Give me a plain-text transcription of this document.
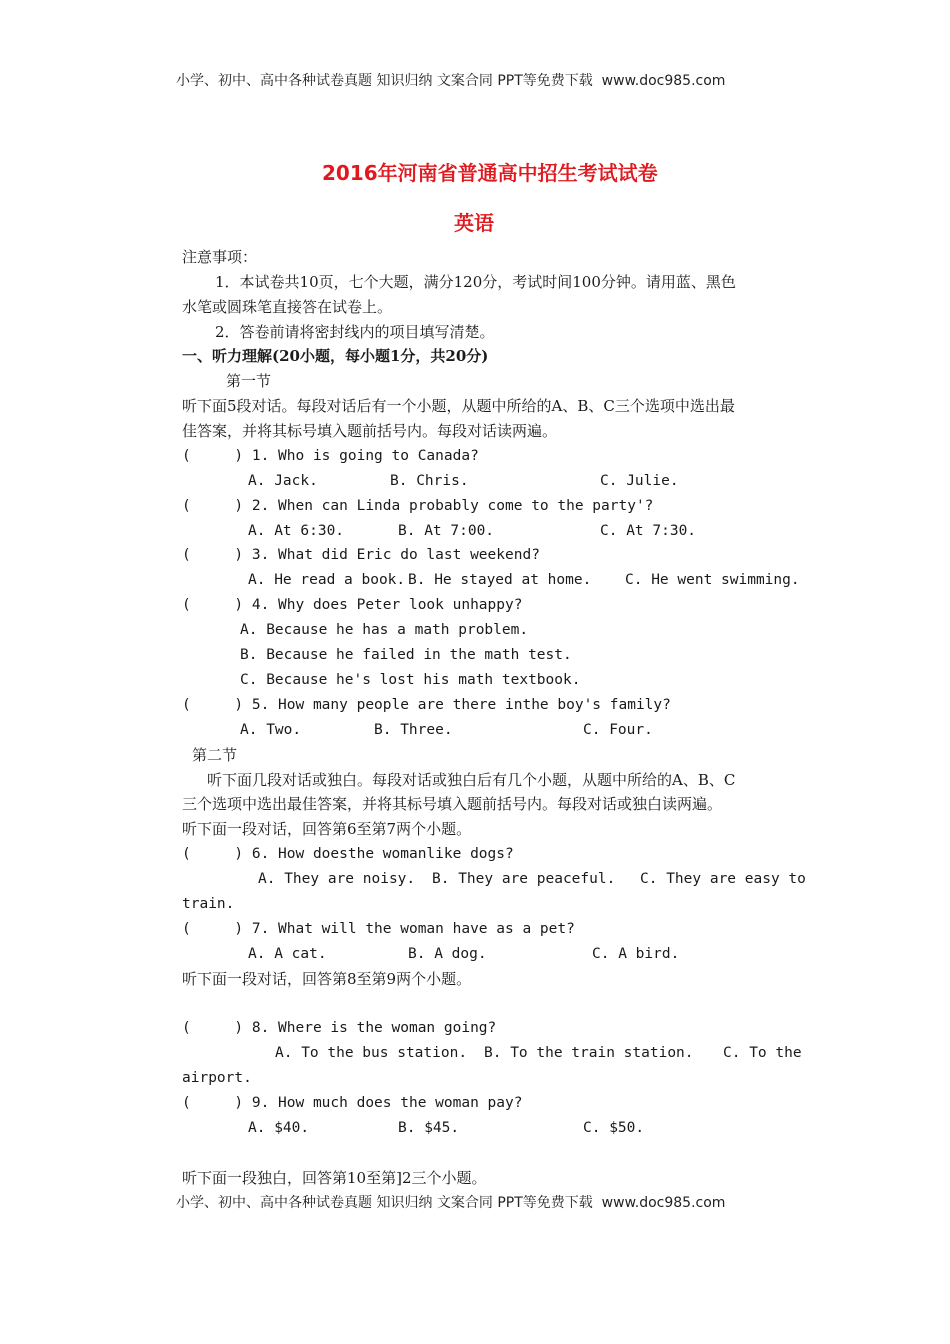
小学、初中、高中各种试卷真题 知识归纳 文案合同 PPT等免费下载  www.doc985.com
2016年河南省普通高中招生考试试卷
英语
注意事项：
1．本试卷共10页，七个大题，满分120分，考试时间100分钟。请用蓝、黑色
水笔或圆珠笔直接答在试卷上。
2．答卷前请将密封线内的项目填写清楚。
一、听力理解(20小题，每小题1分，共20分)
第一节
听下面5段对话。每段对话后有一个小题，从题中所给的A、B、C三个选项中选出最
佳答案，并将其标号填入题前括号内。每段对话读两遍。
(     ) 1. Who is going to Canada?
A. Jack.	B. Chris.	C. Julie.
(     ) 2. When can Linda probably come to the party'?
A. At 6:30.	B. At 7:00.	C. At 7:30.
(     ) 3. What did Eric do last weekend?
A. He read a book. B. He stayed at home. C. He went swimming.
(     ) 4. Why does Peter look unhappy?
A. Because he has a math problem.
B. Because he failed in the math test.
C. Because he's lost his math textbook.
(     ) 5. How many people are there inthe boy's family?
A. Two.	B. Three.	C. Four.
第二节
听下面几段对话或独白。每段对话或独白后有几个小题，从题中所给的A、B、C
三个选项中选出最佳答案，并将其标号填入题前括号内。每段对话或独白读两遍。
听下面一段对话，回答第6至第7两个小题。
(     ) 6. How doesthe womanlike dogs?
A. They are noisy. B. They are peaceful. C. They are easy to
train.
(     ) 7. What will the woman have as a pet?
A. A cat.	B. A dog.	C. A bird.
听下面一段对话，回答第8至第9两个小题。
(     ) 8. Where is the woman going?
A. To the bus station. B. To the train station. C. To the
airport.
(     ) 9. How much does the woman pay?
A. $40.	B. $45.	C. $50.
听下面一段独白，回答第10至第]2三个小题。
小学、初中、高中各种试卷真题 知识归纳 文案合同 PPT等免费下载  www.doc985.com
